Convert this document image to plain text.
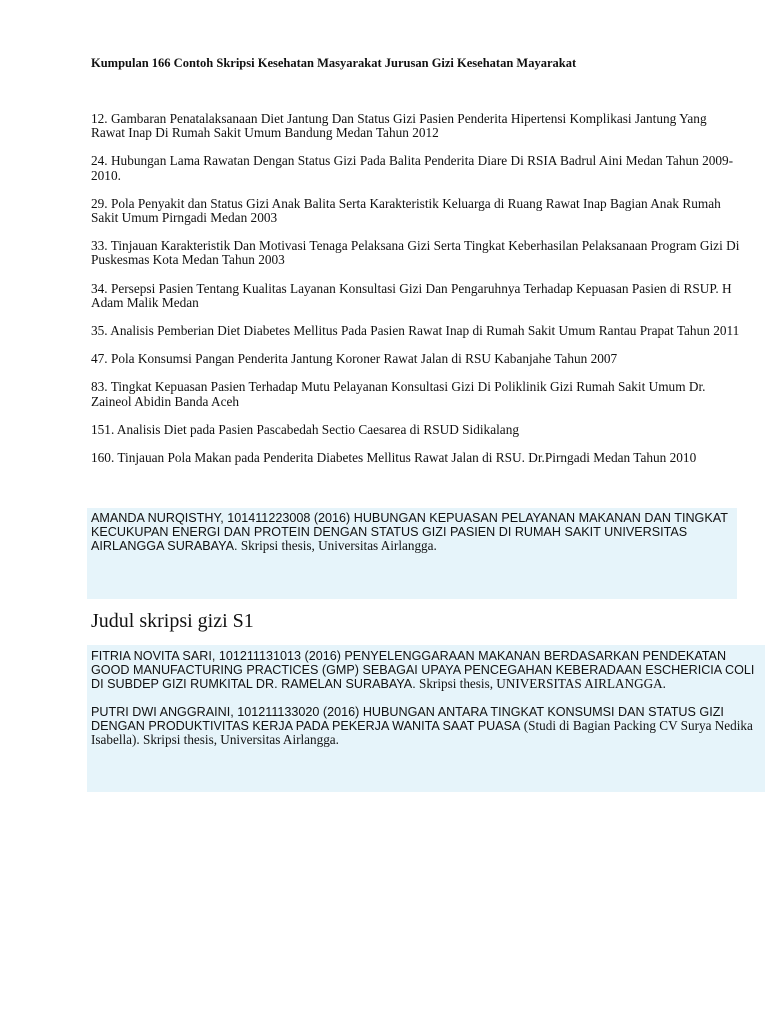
Kumpulan 166 Contoh Skripsi Kesehatan Masyarakat Jurusan Gizi Kesehatan Mayarakat

12. Gambaran Penatalaksanaan Diet Jantung Dan Status Gizi Pasien Penderita Hipertensi Komplikasi Jantung Yang Rawat Inap Di Rumah Sakit Umum Bandung Medan Tahun 2012

24. Hubungan Lama Rawatan Dengan Status Gizi Pada Balita Penderita Diare Di RSIA Badrul Aini Medan Tahun 2009-2010.

29. Pola Penyakit dan Status Gizi Anak Balita Serta Karakteristik Keluarga di Ruang Rawat Inap Bagian Anak Rumah Sakit Umum Pirngadi Medan 2003

33. Tinjauan Karakteristik Dan Motivasi Tenaga Pelaksana Gizi Serta Tingkat Keberhasilan Pelaksanaan Program Gizi Di Puskesmas Kota Medan Tahun 2003

34. Persepsi Pasien Tentang Kualitas Layanan Konsultasi Gizi Dan Pengaruhnya Terhadap Kepuasan Pasien di RSUP. H Adam Malik Medan

35. Analisis Pemberian Diet Diabetes Mellitus Pada Pasien Rawat Inap di Rumah Sakit Umum Rantau Prapat Tahun 2011

47. Pola Konsumsi Pangan Penderita Jantung Koroner Rawat Jalan di RSU Kabanjahe Tahun 2007

83. Tingkat Kepuasan Pasien Terhadap Mutu Pelayanan Konsultasi Gizi Di Poliklinik Gizi Rumah Sakit Umum Dr. Zaineol Abidin Banda Aceh

151. Analisis Diet pada Pasien Pascabedah Sectio Caesarea di RSUD Sidikalang

160. Tinjauan Pola Makan pada Penderita Diabetes Mellitus Rawat Jalan di RSU. Dr.Pirngadi Medan Tahun 2010

AMANDA NURQISTHY, 101411223008 (2016) HUBUNGAN KEPUASAN PELAYANAN MAKANAN DAN TINGKAT KECUKUPAN ENERGI DAN PROTEIN DENGAN STATUS GIZI PASIEN DI RUMAH SAKIT UNIVERSITAS AIRLANGGA SURABAYA. Skripsi thesis, Universitas Airlangga.

Judul skripsi gizi S1

FITRIA NOVITA SARI, 101211131013 (2016) PENYELENGGARAAN MAKANAN BERDASARKAN PENDEKATAN GOOD MANUFACTURING PRACTICES (GMP) SEBAGAI UPAYA PENCEGAHAN KEBERADAAN ESCHERICIA COLI DI SUBDEP GIZI RUMKITAL DR. RAMELAN SURABAYA. Skripsi thesis, UNIVERSITAS AIRLANGGA.

PUTRI DWI ANGGRAINI, 101211133020 (2016) HUBUNGAN ANTARA TINGKAT KONSUMSI DAN STATUS GIZI DENGAN PRODUKTIVITAS KERJA PADA PEKERJA WANITA SAAT PUASA (Studi di Bagian Packing CV Surya Nedika Isabella). Skripsi thesis, Universitas Airlangga.
